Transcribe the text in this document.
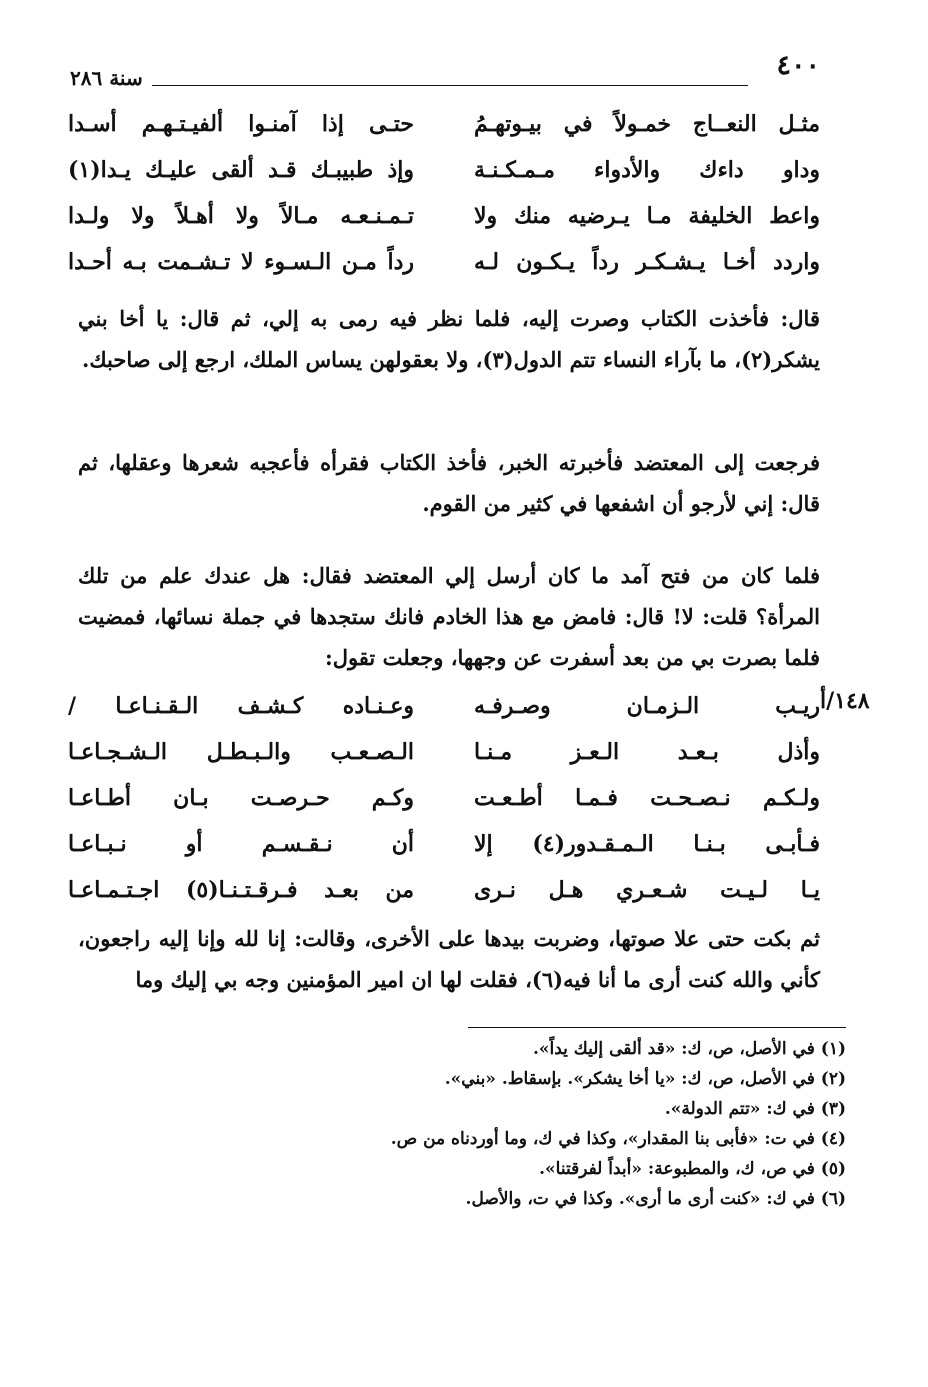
٤٠٠
سنة ٢٨٦
مثـل النعــاج خمـولاً في بيـوتهـمُ
حتـى إذا آمنـوا ألفيـتـهـم أسـدا
وداو داءك والأدواء مـمـكـنـة
وإذ طبيبـك قـد ألقى عليـك يـدا(١)
واعط الخليفة مـا يـرضيه منك ولا
تـمـنـعـه مـالاً ولا أهـلاً ولا ولـدا
واردد أخـا يـشـكـر رداً يـكـون لـه
رداً مـن الـسـوء لا تـشـمت بـه أحـدا

قال: فأخذت الكتاب وصرت إليه، فلما نظر فيه رمى به إلي، ثم قال: يا أخا بني يشكر(٢)، ما بآراء النساء تتم الدول(٣)، ولا بعقولهن يساس الملك، ارجع إلى صاحبك.

فرجعت إلى المعتضد فأخبرته الخبر، فأخذ الكتاب فقرأه فأعجبه شعرها وعقلها، ثم قال: إني لأرجو أن اشفعها في كثير من القوم.

فلما كان من فتح آمد ما كان أرسل إلي المعتضد فقال: هل عندك علم من تلك المرأة؟ قلت: لا! قال: فامض مع هذا الخادم فانك ستجدها في جملة نسائها، فمضيت فلما بصرت بي من بعد أسفرت عن وجهها، وجعلت تقول:

١٤٨/أ
ريـب الـزمـان وصـرفـه
وعـنـاده كـشـف الـقـنـاعـا /
وأذل بـعـد الـعـز مـنـا
الـصـعـب والـبـطـل الـشـجـاعـا
ولـكـم نـصـحـت فـمـا أطـعـت
وكـم حـرصـت بـان أطـاعـا
فـأبـى بـنـا الـمـقـدور(٤) إلا
أن نـقـسـم أو نـبـاعـا
يـا لـيـت شـعـري هـل نـرى
من بعـد فـرقـتـنـا(٥) اجـتـمـاعـا

ثم بكت حتى علا صوتها، وضربت بيدها على الأخرى، وقالت: إنا لله وإنا إليه راجعون، كأني والله كنت أرى ما أنا فيه(٦)، فقلت لها ان امير المؤمنين وجه بي إليك وما

(١) في الأصل، ص، ك: «قد ألقى إليك يداً».
(٢) في الأصل، ص، ك: «يا أخا يشكر». بإسقاط. «بني».
(٣) في ك: «تتم الدولة».
(٤) في ت: «فأبى بنا المقدار»، وكذا في ك، وما أوردناه من ص.
(٥) في ص، ك، والمطبوعة: «أبداً لفرقتنا».
(٦) في ك: «كنت أرى ما أرى». وكذا في ت، والأصل.
